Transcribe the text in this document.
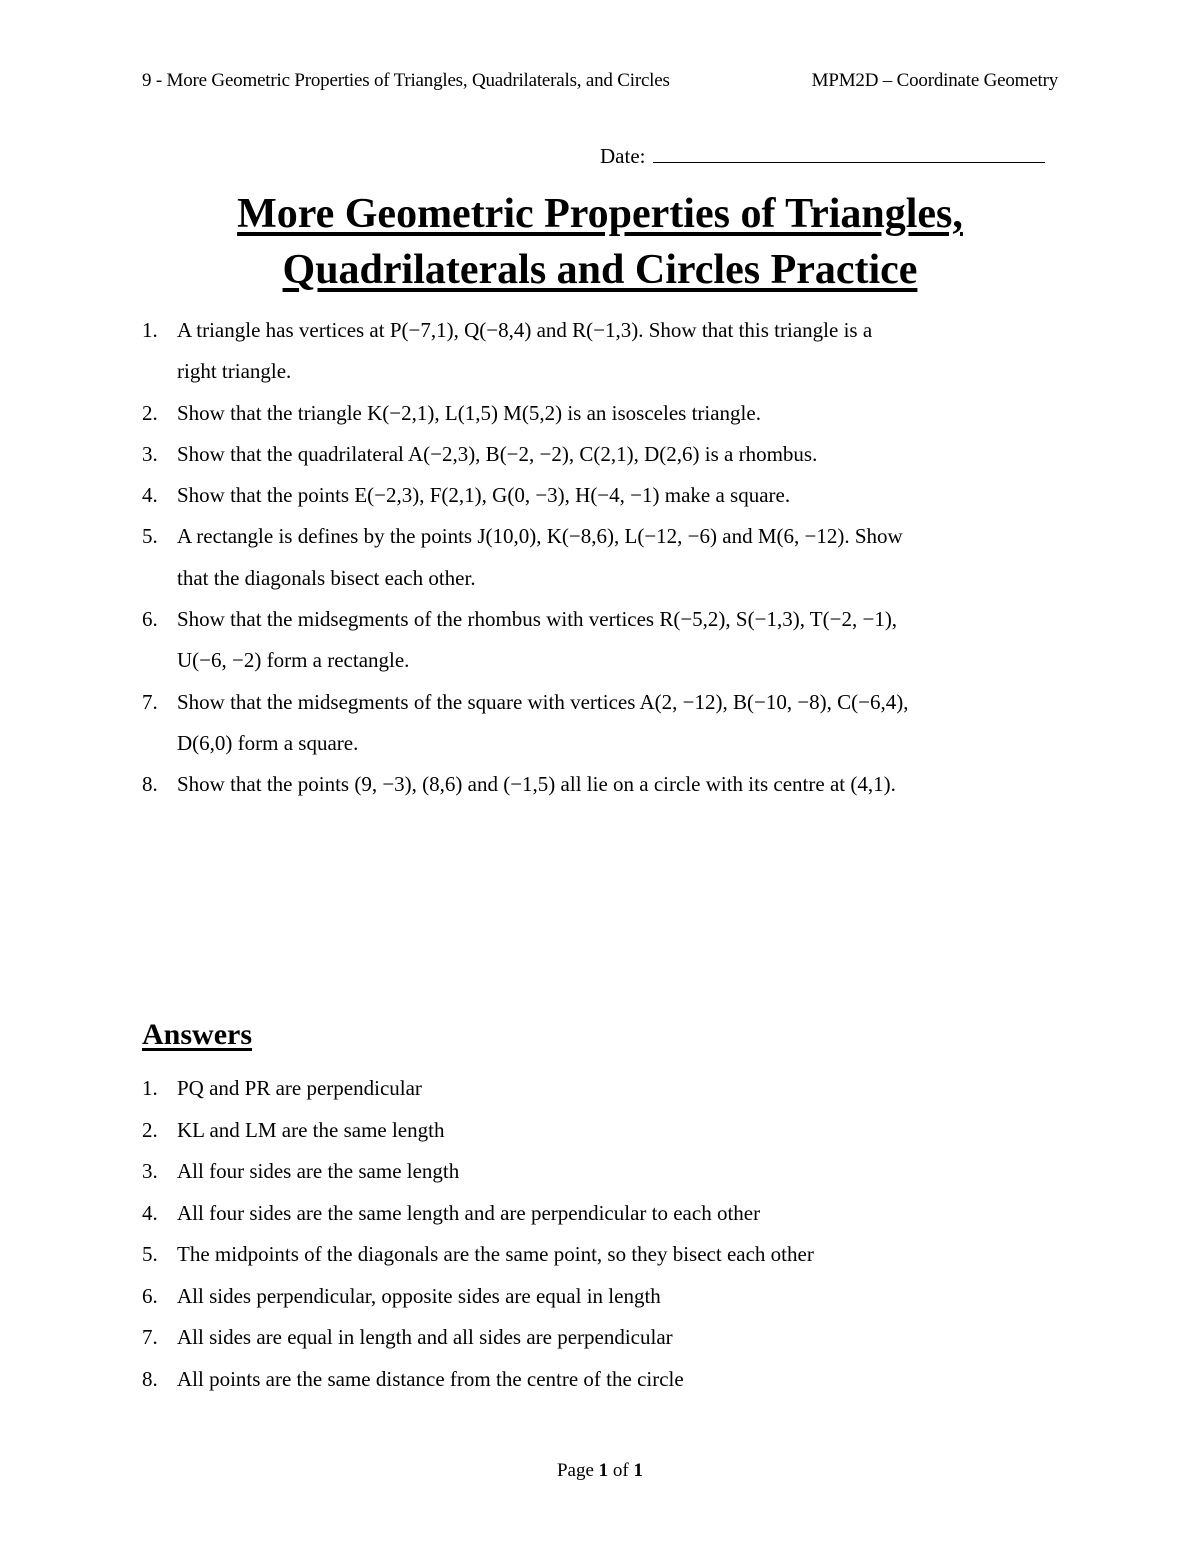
9 - More Geometric Properties of Triangles, Quadrilaterals, and Circles	MPM2D – Coordinate Geometry
Date:
More Geometric Properties of Triangles,
Quadrilaterals and Circles Practice
1. A triangle has vertices at P(−7,1), Q(−8,4) and R(−1,3). Show that this triangle is a
right triangle.
2. Show that the triangle K(−2,1), L(1,5) M(5,2) is an isosceles triangle.
3. Show that the quadrilateral A(−2,3), B(−2, −2), C(2,1), D(2,6) is a rhombus.
4. Show that the points E(−2,3), F(2,1), G(0, −3), H(−4, −1) make a square.
5. A rectangle is defines by the points J(10,0), K(−8,6), L(−12, −6) and M(6, −12). Show
that the diagonals bisect each other.
6. Show that the midsegments of the rhombus with vertices R(−5,2), S(−1,3), T(−2, −1),
U(−6, −2) form a rectangle.
7. Show that the midsegments of the square with vertices A(2, −12), B(−10, −8), C(−6,4),
D(6,0) form a square.
8. Show that the points (9, −3), (8,6) and (−1,5) all lie on a circle with its centre at (4,1).
Answers
1. PQ and PR are perpendicular
2. KL and LM are the same length
3. All four sides are the same length
4. All four sides are the same length and are perpendicular to each other
5. The midpoints of the diagonals are the same point, so they bisect each other
6. All sides perpendicular, opposite sides are equal in length
7. All sides are equal in length and all sides are perpendicular
8. All points are the same distance from the centre of the circle
Page 1 of 1
